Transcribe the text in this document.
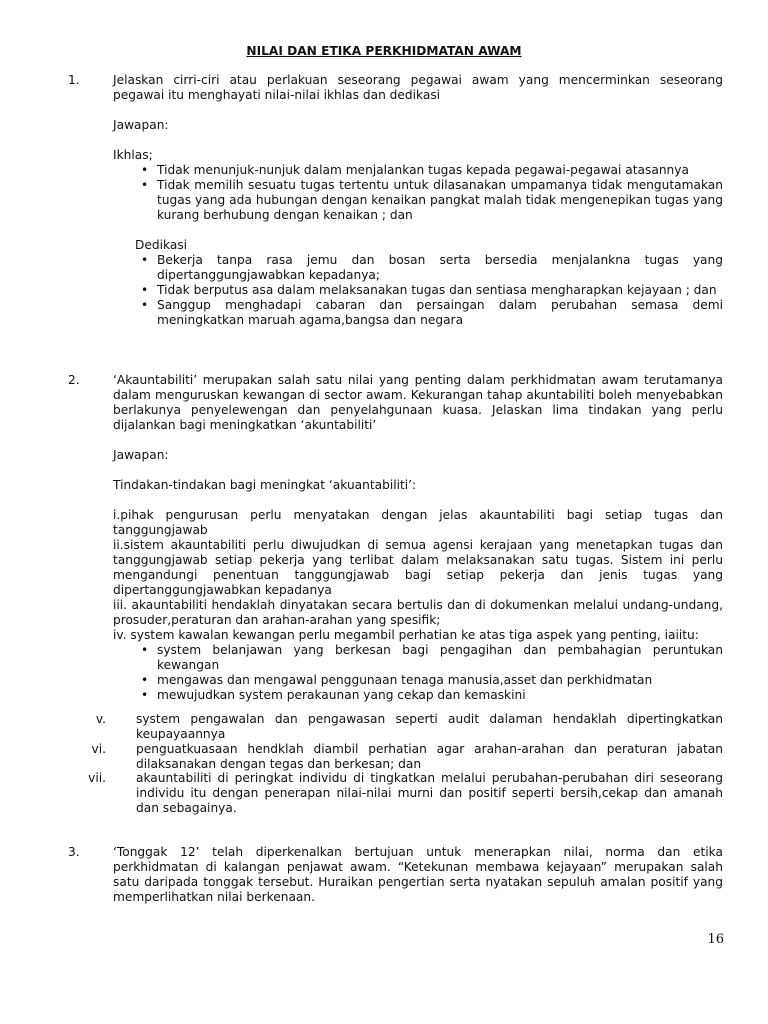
NILAI DAN ETIKA PERKHIDMATAN AWAM
1.	Jelaskan cirri-ciri atau perlakuan seseorang pegawai awam yang mencerminkan seseorang pegawai itu menghayati nilai-nilai ikhlas dan dedikasi

Jawapan:

Ikhlas;

• Tidak menunjuk-nunjuk dalam menjalankan tugas kepada pegawai-pegawai atasannya
• Tidak memilih sesuatu tugas tertentu untuk dilasanakan umpamanya tidak mengutamakan tugas yang ada hubungan dengan kenaikan pangkat malah tidak mengenepikan tugas yang kurang berhubung dengan kenaikan ; dan

Dedikasi

• Bekerja tanpa rasa jemu dan bosan serta bersedia menjalankna tugas yang dipertanggungjawabkan kepadanya;
• Tidak berputus asa dalam melaksanakan tugas dan sentiasa mengharapkan kejayaan ; dan
• Sanggup menghadapi cabaran dan persaingan dalam perubahan semasa demi meningkatkan maruah agama,bangsa dan negara
2.	‘Akauntabiliti’ merupakan salah satu nilai yang penting dalam perkhidmatan awam terutamanya dalam menguruskan kewangan di sector awam. Kekurangan tahap akuntabiliti boleh menyebabkan berlakunya penyelewengan dan penyelahgunaan kuasa. Jelaskan lima tindakan yang perlu dijalankan bagi meningkatkan ‘akuntabiliti’

Jawapan:

Tindakan-tindakan bagi meningkat ‘akuantabiliti’:

i.pihak pengurusan perlu menyatakan dengan jelas akauntabiliti bagi setiap tugas dan tanggungjawab

ii.sistem akauntabiliti perlu diwujudkan di semua agensi kerajaan yang menetapkan tugas dan tanggungjawab setiap pekerja yang terlibat dalam melaksanakan satu tugas. Sistem ini perlu mengandungi penentuan tanggungjawab bagi setiap pekerja dan jenis tugas yang dipertanggungjawabkan kepadanya

iii. akauntabiliti hendaklah dinyatakan secara bertulis dan di dokumenkan melalui undang-undang, prosuder,peraturan dan arahan-arahan yang spesifik;

iv. system kawalan kewangan perlu megambil perhatian ke atas tiga aspek yang penting, iaiitu:

• system belanjawan yang berkesan bagi pengagihan dan pembahagian peruntukan kewangan
• mengawas dan mengawal penggunaan tenaga manusia,asset dan perkhidmatan
• mewujudkan system perakaunan yang cekap dan kemaskini
v. system pengawalan dan pengawasan seperti audit dalaman hendaklah dipertingkatkan keupayaannya
vi. penguatkuasaan hendklah diambil perhatian agar arahan-arahan dan peraturan jabatan dilaksanakan dengan tegas dan berkesan; dan
vii. akauntabiliti di peringkat individu di tingkatkan melalui perubahan-perubahan diri seseorang individu itu dengan penerapan nilai-nilai murni dan positif seperti bersih,cekap dan amanah dan sebagainya.
3.	‘Tonggak 12’ telah diperkenalkan bertujuan untuk menerapkan nilai, norma dan etika perkhidmatan di kalangan penjawat awam. “Ketekunan membawa kejayaan” merupakan salah satu daripada tonggak tersebut. Huraikan pengertian serta nyatakan sepuluh amalan positif yang memperlihatkan nilai berkenaan.

16
